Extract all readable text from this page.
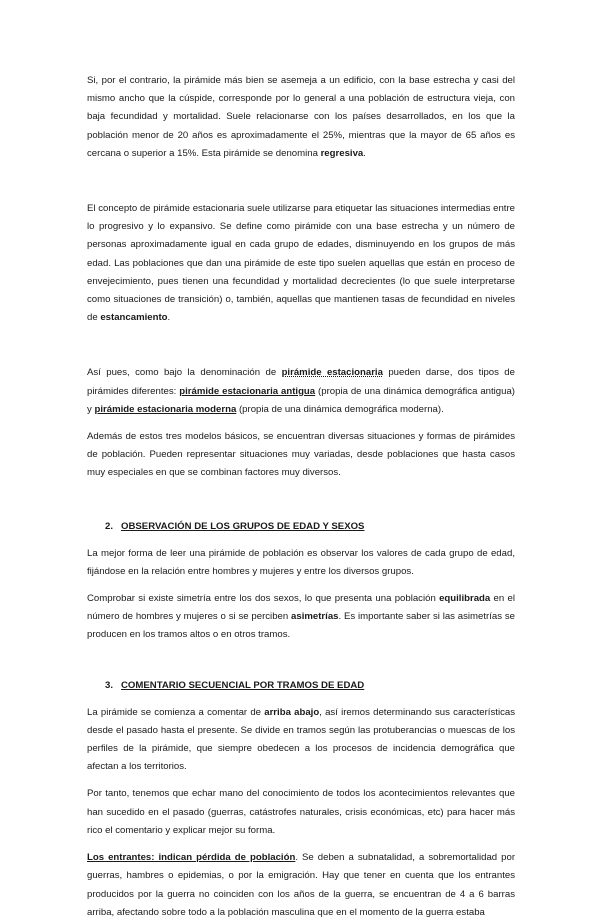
Si, por el contrario, la pirámide más bien se asemeja a un edificio, con la base estrecha y casi del mismo ancho que la cúspide, corresponde por lo general a una población de estructura vieja, con baja fecundidad y mortalidad. Suele relacionarse con los países desarrollados, en los que la población menor de 20 años es aproximadamente el 25%, mientras que la mayor de 65 años es cercana o superior a 15%. Esta pirámide se denomina regresiva.

El concepto de pirámide estacionaria suele utilizarse para etiquetar las situaciones intermedias entre lo progresivo y lo expansivo. Se define como pirámide con una base estrecha y un número de personas aproximadamente igual en cada grupo de edades, disminuyendo en los grupos de más edad. Las poblaciones que dan una pirámide de este tipo suelen aquellas que están en proceso de envejecimiento, pues tienen una fecundidad y mortalidad decrecientes (lo que suele interpretarse como situaciones de transición) o, también, aquellas que mantienen tasas de fecundidad en niveles de estancamiento.

Así pues, como bajo la denominación de pirámide estacionaria pueden darse, dos tipos de pirámides diferentes: pirámide estacionaria antigua (propia de una dinámica demográfica antigua) y pirámide estacionaria moderna (propia de una dinámica demográfica moderna).

Además de estos tres modelos básicos, se encuentran diversas situaciones y formas de pirámides de población. Pueden representar situaciones muy variadas, desde poblaciones que hasta casos muy especiales en que se combinan factores muy diversos.

2. OBSERVACIÓN DE LOS GRUPOS DE EDAD Y SEXOS

La mejor forma de leer una pirámide de población es observar los valores de cada grupo de edad, fijándose en la relación entre hombres y mujeres y entre los diversos grupos.

Comprobar si existe simetría entre los dos sexos, lo que presenta una población equilibrada en el número de hombres y mujeres o si se perciben asimetrías. Es importante saber si las asimetrías se producen en los tramos altos o en otros tramos.

3. COMENTARIO SECUENCIAL POR TRAMOS DE EDAD

La pirámide se comienza a comentar de arriba abajo, así iremos determinando sus características desde el pasado hasta el presente. Se divide en tramos según las protuberancias o muescas de los perfiles de la pirámide, que siempre obedecen a los procesos de incidencia demográfica que afectan a los territorios.

Por tanto, tenemos que echar mano del conocimiento de todos los acontecimientos relevantes que han sucedido en el pasado (guerras, catástrofes naturales, crisis económicas, etc) para hacer más rico el comentario y explicar mejor su forma.

Los entrantes: indican pérdida de población. Se deben a subnatalidad, a sobremortalidad por guerras, hambres o epidemias, o por la emigración. Hay que tener en cuenta que los entrantes producidos por la guerra no coinciden con los años de la guerra, se encuentran de 4 a 6 barras arriba, afectando sobre todo a la población masculina que en el momento de la guerra estaba
